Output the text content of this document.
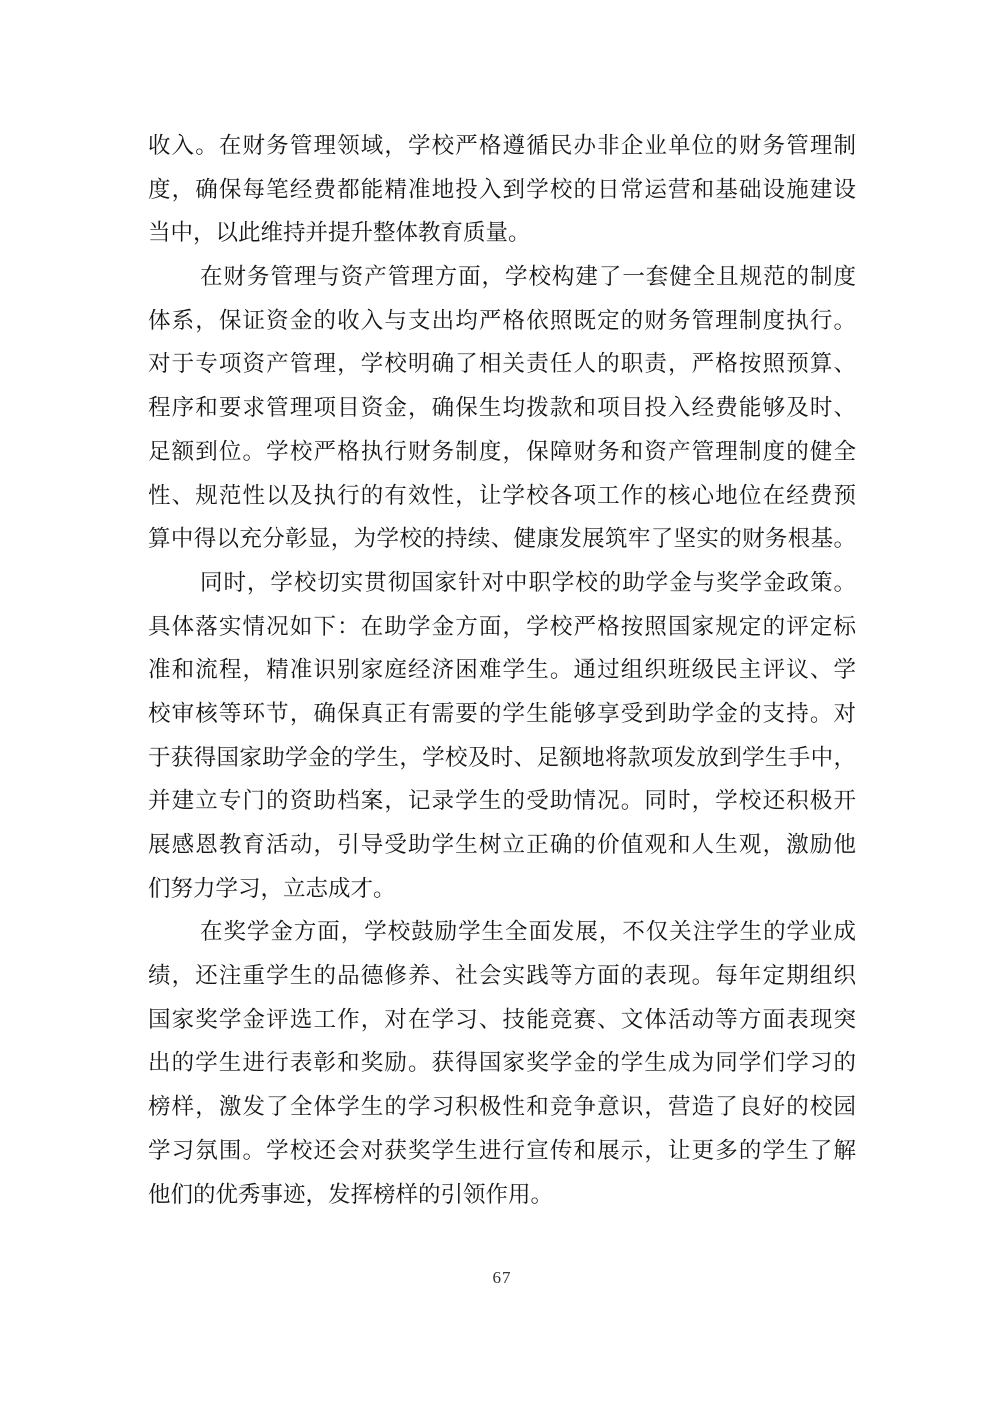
收入。在财务管理领域，学校严格遵循民办非企业单位的财务管理制
度，确保每笔经费都能精准地投入到学校的日常运营和基础设施建设
当中，以此维持并提升整体教育质量。

在财务管理与资产管理方面，学校构建了一套健全且规范的制度
体系，保证资金的收入与支出均严格依照既定的财务管理制度执行。
对于专项资产管理，学校明确了相关责任人的职责，严格按照预算、
程序和要求管理项目资金，确保生均拨款和项目投入经费能够及时、
足额到位。学校严格执行财务制度，保障财务和资产管理制度的健全
性、规范性以及执行的有效性，让学校各项工作的核心地位在经费预
算中得以充分彰显，为学校的持续、健康发展筑牢了坚实的财务根基。

同时，学校切实贯彻国家针对中职学校的助学金与奖学金政策。
具体落实情况如下：在助学金方面，学校严格按照国家规定的评定标
准和流程，精准识别家庭经济困难学生。通过组织班级民主评议、学
校审核等环节，确保真正有需要的学生能够享受到助学金的支持。对
于获得国家助学金的学生，学校及时、足额地将款项发放到学生手中，
并建立专门的资助档案，记录学生的受助情况。同时，学校还积极开
展感恩教育活动，引导受助学生树立正确的价值观和人生观，激励他
们努力学习，立志成才。

在奖学金方面，学校鼓励学生全面发展，不仅关注学生的学业成
绩，还注重学生的品德修养、社会实践等方面的表现。每年定期组织
国家奖学金评选工作，对在学习、技能竞赛、文体活动等方面表现突
出的学生进行表彰和奖励。获得国家奖学金的学生成为同学们学习的
榜样，激发了全体学生的学习积极性和竞争意识，营造了良好的校园
学习氛围。学校还会对获奖学生进行宣传和展示，让更多的学生了解
他们的优秀事迹，发挥榜样的引领作用。

67
